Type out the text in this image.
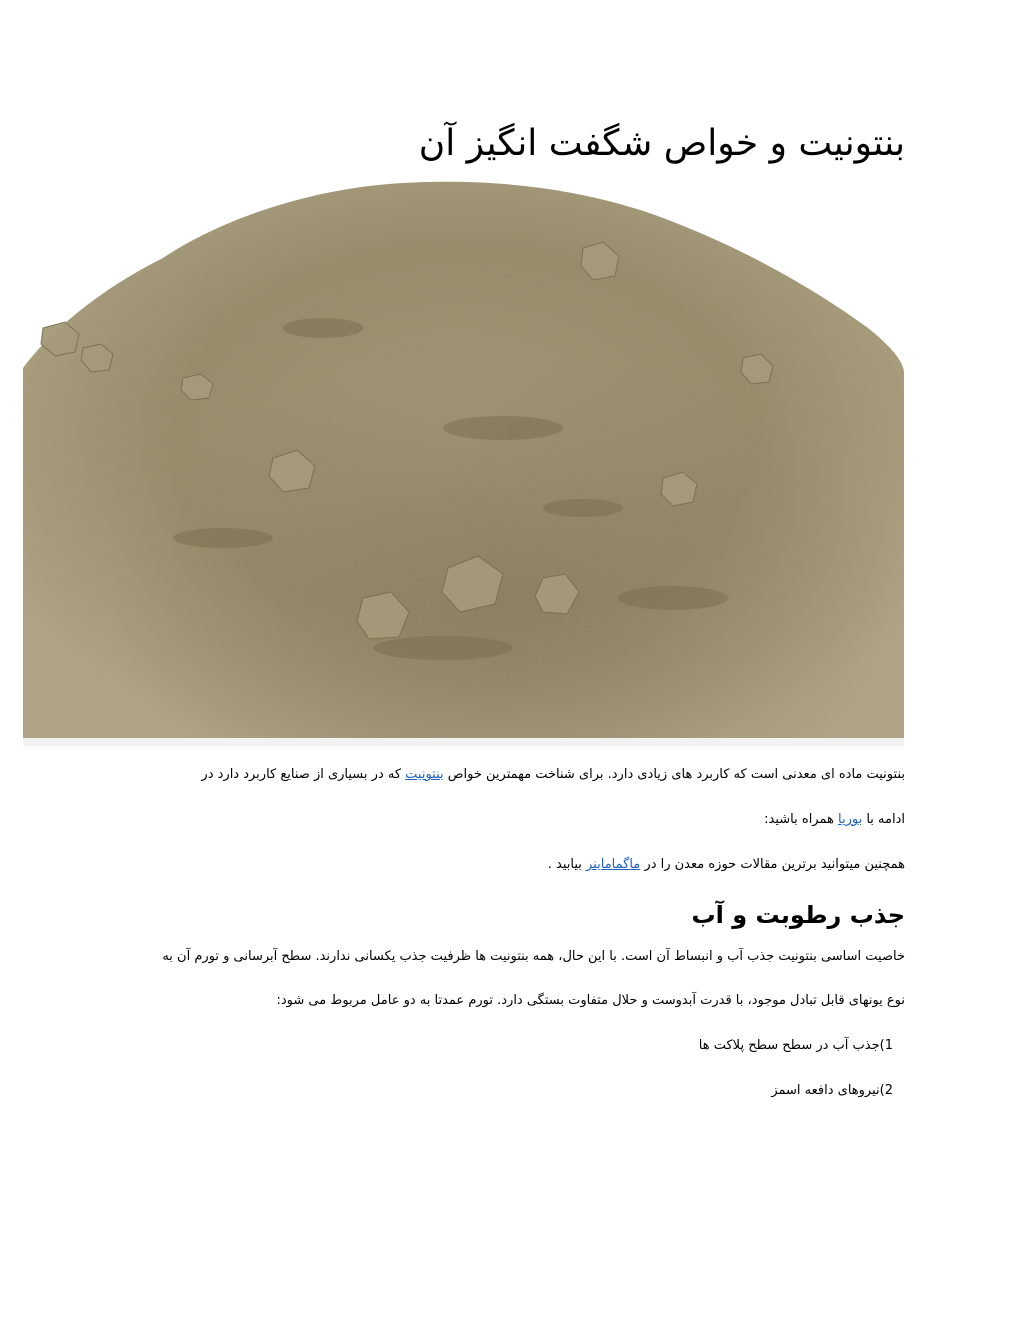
بنتونیت و خواص شگفت انگیز آن
بنتونیت ماده ای معدنی است که کاربرد های زیادی دارد. برای شناخت مهمترین خواص بنتونیت که در بسیاری از صنایع کاربرد دارد در
ادامه با بوریا همراه باشید:
همچنین میتوانید برترین مقالات حوزه معدن را در ماگماماینر بیابید .
جذب رطوبت و آب
خاصیت اساسی بنتونیت جذب آب و انبساط آن است. با این حال، همه بنتونیت ها ظرفیت جذب یکسانی ندارند. سطح آبرسانی و تورم آن به
نوع یونهای قابل تبادل موجود، با قدرت آبدوست و حلال متفاوت بستگی دارد. تورم عمدتا به دو عامل مربوط می شود:
1)جذب آب در سطح سطح پلاکت ها
2)نیروهای دافعه اسمز
